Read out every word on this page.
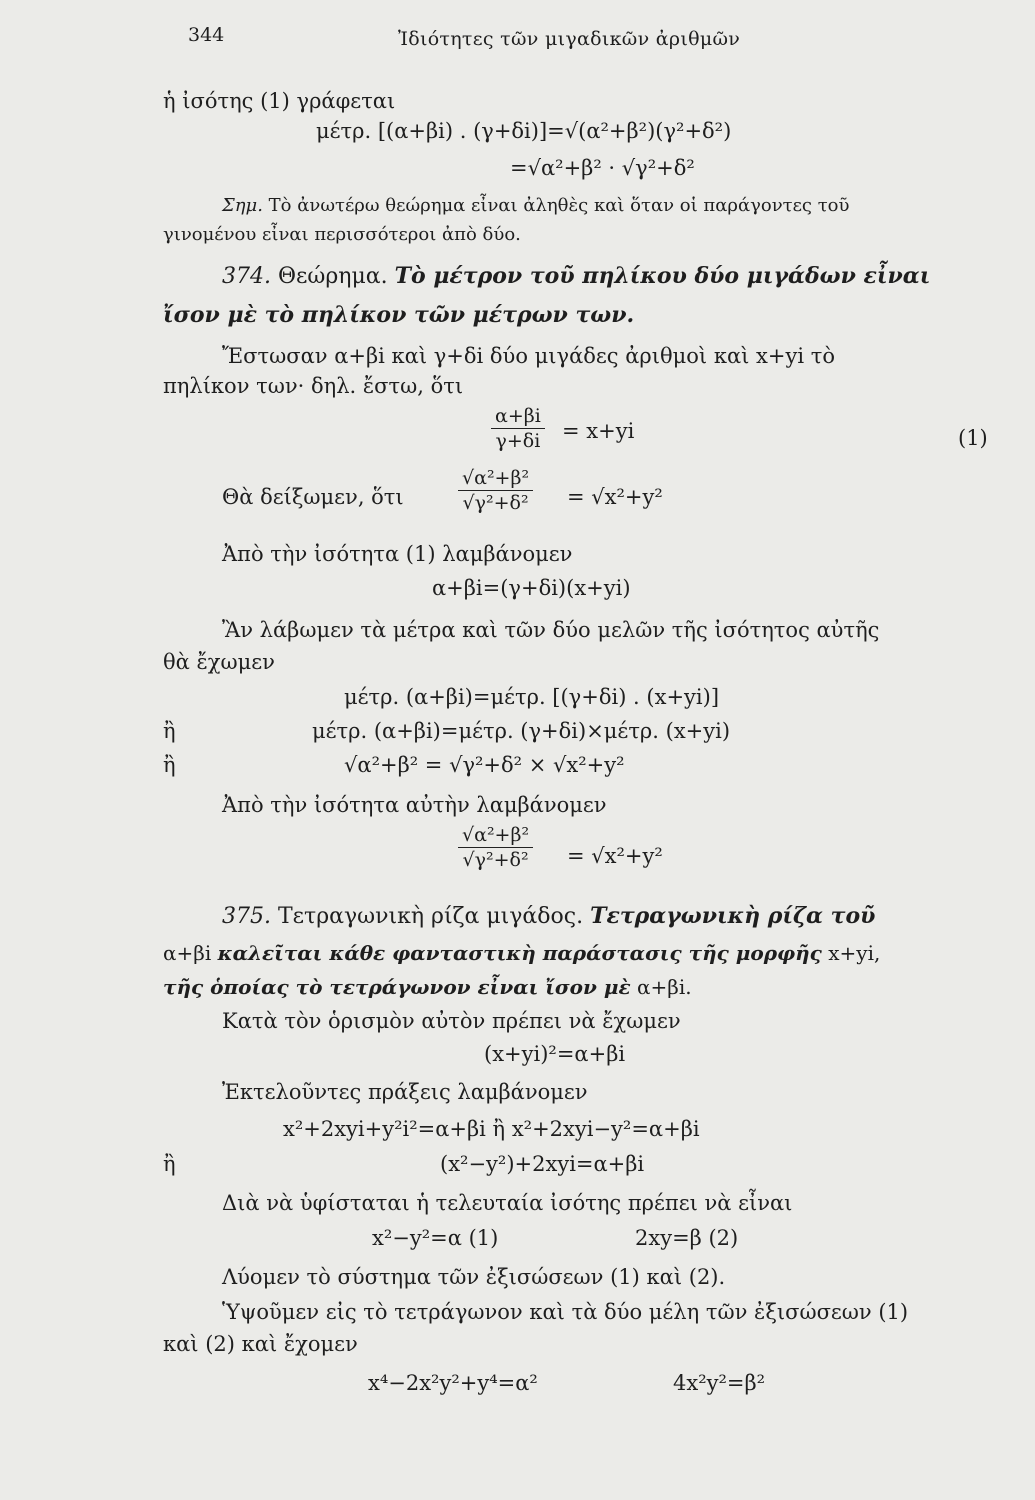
344	Ἰδιότητες τῶν μιγαδικῶν ἀριθμῶν
ἡ ἰσότης (1) γράφεται
μέτρ. [(α+βi) . (γ+δi)]=√(α²+β²)(γ²+δ²)
=√α²+β² · √γ²+δ²
Σημ. Τὸ ἀνωτέρω θεώρημα εἶναι ἀληθὲς καὶ ὅταν οἱ παράγοντες τοῦ
γινομένου εἶναι περισσότεροι ἀπὸ δύο.
374. Θεώρημα. Τὸ μέτρον τοῦ πηλίκου δύο μιγάδων εἶναι
ἴσον μὲ τὸ πηλίκον τῶν μέτρων των.
Ἔστωσαν α+βi καὶ γ+δi δύο μιγάδες ἀριθμοὶ καὶ x+yi τὸ
πηλίκον των· δηλ. ἔστω, ὅτι
$\frac{\alpha+\beta i}{\gamma+\delta i} = x+yi$	(1)
Θὰ δείξωμεν, ὅτι	$\frac{\text{√α²+β²}}{\text{√γ²+δ²}} = √x^2+y^2$
Ἀπὸ τὴν ἰσότητα (1) λαμβάνομεν
α+βi=(γ+δi)(x+yi)
Ἂν λάβωμεν τὰ μέτρα καὶ τῶν δύο μελῶν τῆς ἰσότητος αὐτῆς
θὰ ἔχωμεν
μέτρ. (α+βi)=μέτρ. [(γ+δi) . (x+yi)]
ἢ	μέτρ. (α+βi)=μέτρ. (γ+δi)×μέτρ. (x+yi)
ἢ	√α²+β² = √γ²+δ² × √x²+y²
Ἀπὸ τὴν ἰσότητα αὐτὴν λαμβάνομεν
$\frac{\text{√α²+β²}}{\text{√γ²+δ²}} = √x^2+y^2$
375. Τετραγωνικὴ ρίζα μιγάδος. Τετραγωνικὴ ρίζα τοῦ
α+βi καλεῖται κάθε φανταστικὴ παράστασις τῆς μορφῆς x+yi,
τῆς ὁποίας τὸ τετράγωνον εἶναι ἴσον μὲ α+βi.
Κατὰ τὸν ὁρισμὸν αὐτὸν πρέπει νὰ ἔχωμεν
(x+yi)²=α+βi
Ἐκτελοῦντες πράξεις λαμβάνομεν
x²+2xyi+y²i²=α+βi ἢ x²+2xyi−y²=α+βi
ἢ	(x²−y²)+2xyi=α+βi
Διὰ νὰ ὑφίσταται ἡ τελευταία ἰσότης πρέπει νὰ εἶναι
x²−y²=α (1)	2xy=β (2)
Λύομεν τὸ σύστημα τῶν ἐξισώσεων (1) καὶ (2).
Ὑψοῦμεν εἰς τὸ τετράγωνον καὶ τὰ δύο μέλη τῶν ἐξισώσεων (1)
καὶ (2) καὶ ἔχομεν
x⁴−2x²y²+y⁴=α²	4x²y²=β²
